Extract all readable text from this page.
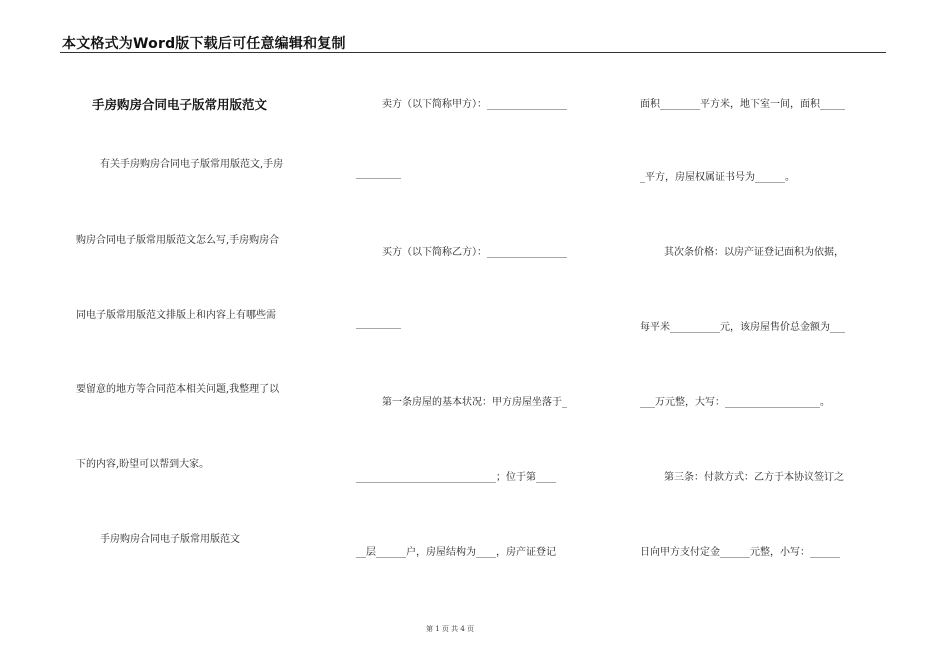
本文格式为Word版下载后可任意编辑和复制
手房购房合同电子版常用版范文
有关手房购房合同电子版常用版范文,手房
购房合同电子版常用版范文怎么写,手房购房合
同电子版常用版范文排版上和内容上有哪些需
要留意的地方等合同范本相关问题,我整理了以
下的内容,盼望可以帮到大家。
手房购房合同电子版常用版范文
卖方（以下简称甲方）：________________
_________
买方（以下简称乙方）：________________
_________
第一条房屋的基本状况：甲方房屋坐落于_
____________________________；位于第____
__层______户，房屋结构为____，房产证登记
面积________平方米，地下室一间，面积_____
_平方，房屋权属证书号为______。
其次条价格：以房产证登记面积为依据，
每平米__________元，该房屋售价总金额为___
___万元整，大写：___________________。
第三条：付款方式：乙方于本协议签订之
日向甲方支付定金______元整，小写：______
第 1 页 共 4 页
